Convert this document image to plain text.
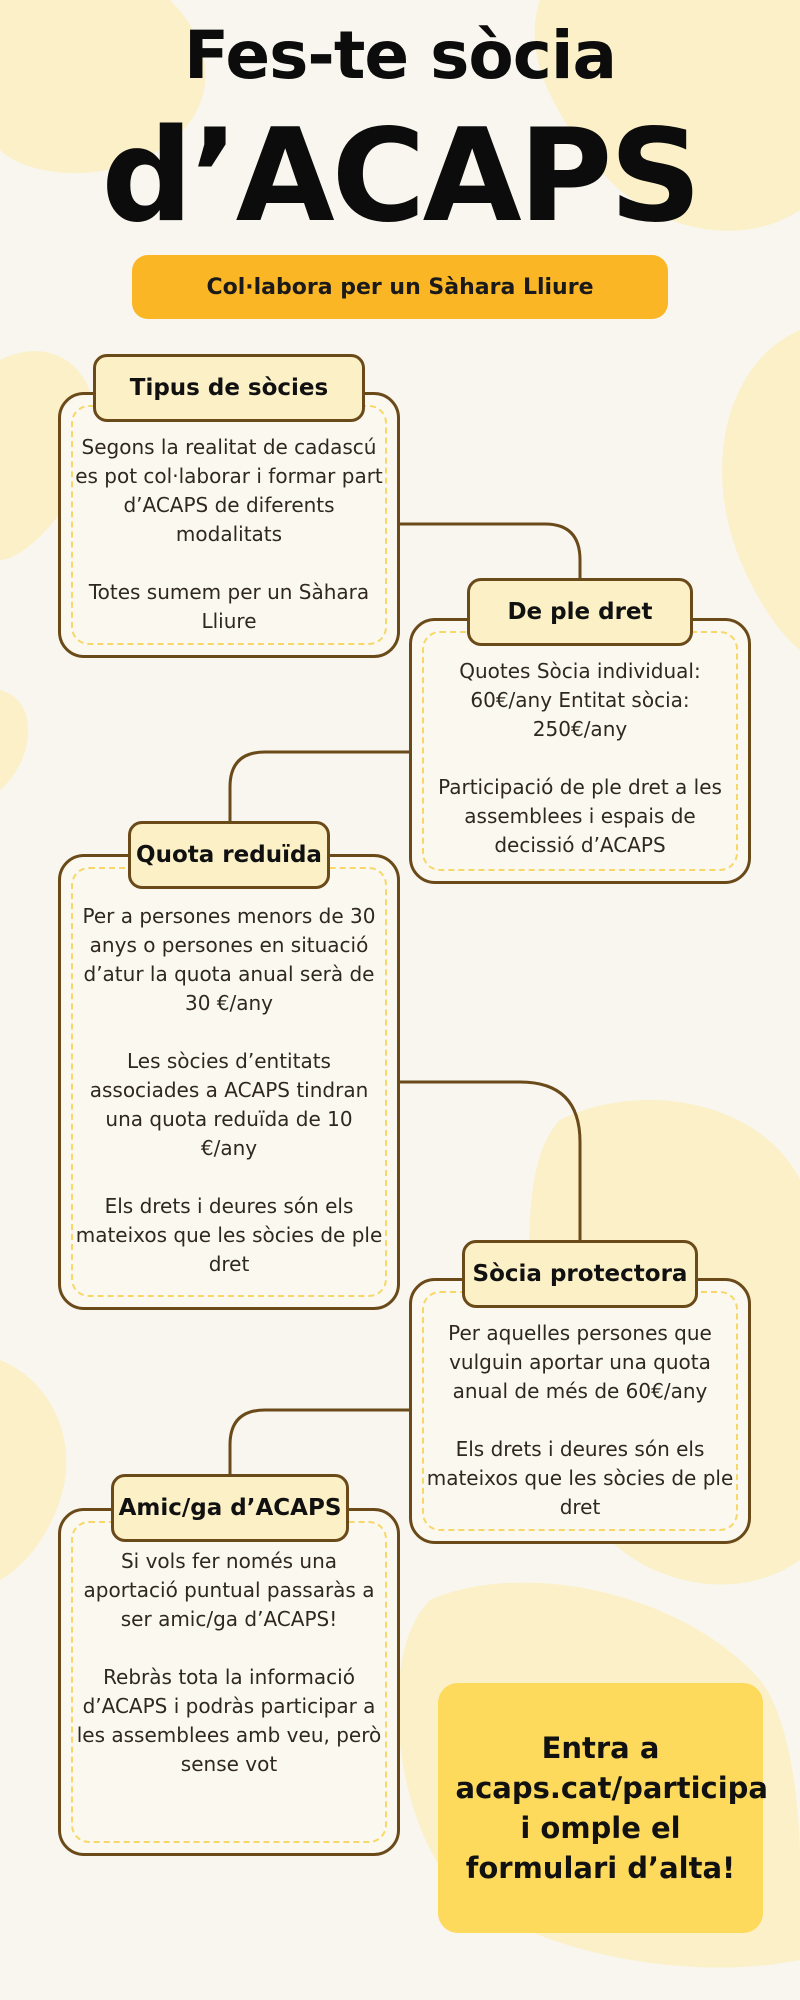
Fes-te sòcia
d’ACAPS
Col·labora per un Sàhara Lliure

Segons la realitat de cadascú es pot col·laborar i formar part d’ACAPS de diferents modalitats

Totes sumem per un Sàhara Lliure

Tipus de sòcies

Quotes Sòcia individual: 60€/any Entitat sòcia: 250€/any

Participació de ple dret a les assemblees i espais de decissió d’ACAPS

De ple dret

Per a persones menors de 30 anys o persones en situació d’atur la quota anual serà de 30 €/any

Les sòcies d’entitats associades a ACAPS tindran una quota reduïda de 10 €/any

Els drets i deures són els mateixos que les sòcies de ple dret

Quota reduïda

Per aquelles persones que vulguin aportar una quota anual de més de 60€/any

Els drets i deures són els mateixos que les sòcies de ple dret

Sòcia protectora

Si vols fer només una aportació puntual passaràs a ser amic/ga d’ACAPS!

Rebràs tota la informació d’ACAPS i podràs participar a les assemblees amb veu, però sense vot

Amic/ga d’ACAPS
Entra a acaps.cat/participa i omple el formulari d’alta!
